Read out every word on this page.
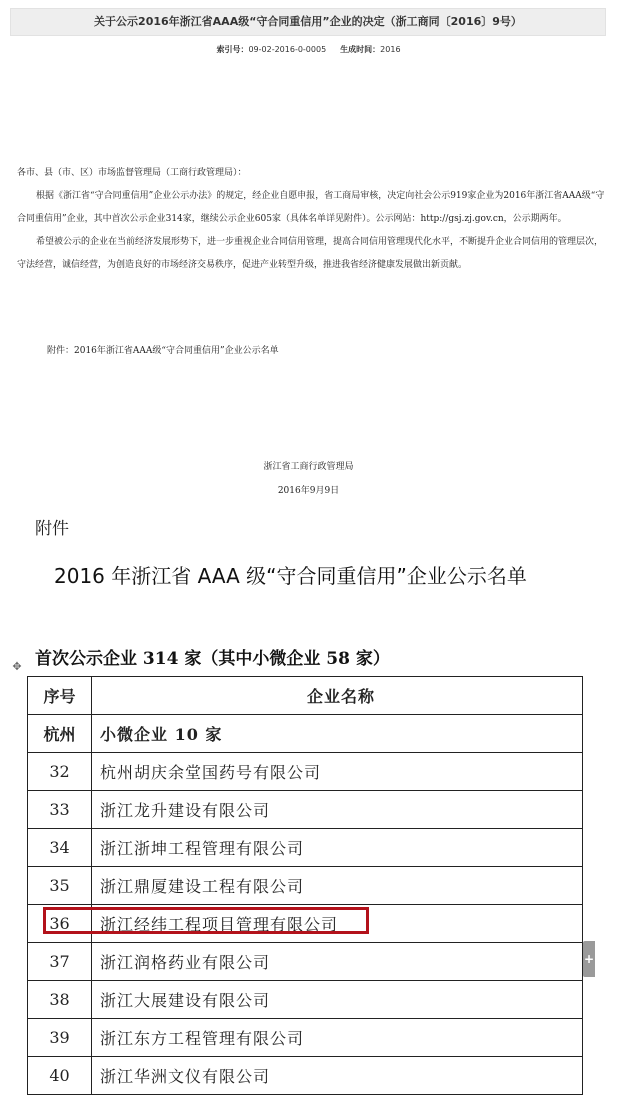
关于公示2016年浙江省AAA级“守合同重信用”企业的决定（浙工商同〔2016〕9号）
索引号：09-02-2016-0-0005 生成时间：2016

各市、县（市、区）市场监督管理局（工商行政管理局）：

根据《浙江省“守合同重信用”企业公示办法》的规定，经企业自愿申报，省工商局审核，决定向社会公示919家企业为2016年浙江省AAA级“守合同重信用”企业，其中首次公示企业314家，继续公示企业605家（具体名单详见附件）。公示网站：http://gsj.zj.gov.cn，公示期两年。

希望被公示的企业在当前经济发展形势下，进一步重视企业合同信用管理，提高合同信用管理现代化水平，不断提升企业合同信用的管理层次，守法经营，诚信经营，为创造良好的市场经济交易秩序，促进产业转型升级，推进我省经济健康发展做出新贡献。

附件：2016年浙江省AAA级“守合同重信用”企业公示名单
浙江省工商行政管理局
2016年9月9日
附件
2016 年浙江省 AAA 级“守合同重信用”企业公示名单
首次公示企业 314 家（其中小微企业 58 家）
✥
序号	企业名称
杭州	小微企业 10 家
32	杭州胡庆余堂国药号有限公司
33	浙江龙升建设有限公司
34	浙江浙坤工程管理有限公司
35	浙江鼎厦建设工程有限公司
36	浙江经纬工程项目管理有限公司
37	浙江润格药业有限公司
38	浙江大展建设有限公司
39	浙江东方工程管理有限公司
40	浙江华洲文仪有限公司
+
